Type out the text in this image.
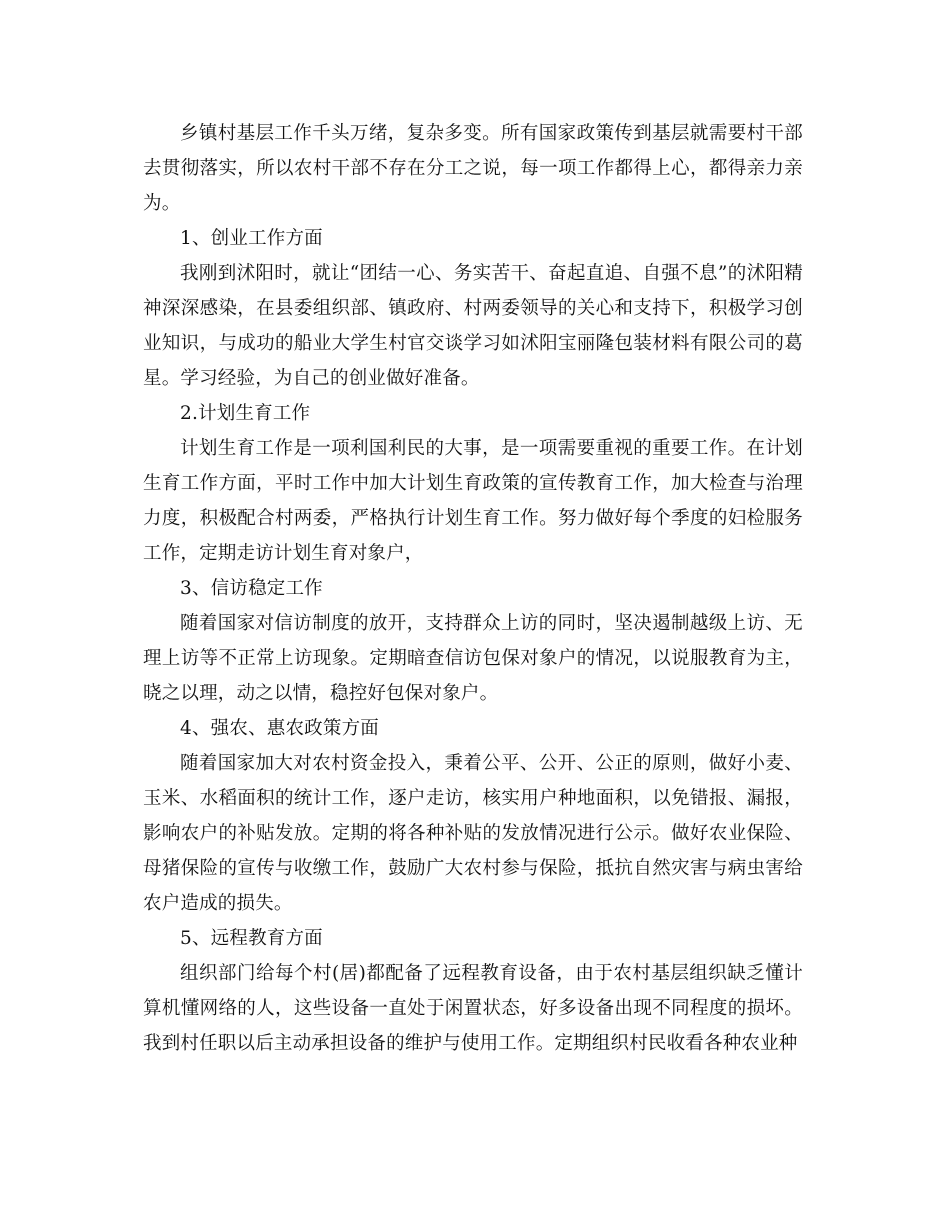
乡镇村基层工作千头万绪，复杂多变。所有国家政策传到基层就需要村干部去贯彻落实，所以农村干部不存在分工之说，每一项工作都得上心，都得亲力亲为。

1、创业工作方面

我刚到沭阳时，就让“团结一心、务实苦干、奋起直追、自强不息”的沭阳精神深深感染，在县委组织部、镇政府、村两委领导的关心和支持下，积极学习创业知识，与成功的船业大学生村官交谈学习如沭阳宝丽隆包装材料有限公司的葛星。学习经验，为自己的创业做好准备。

2.计划生育工作

计划生育工作是一项利国利民的大事，是一项需要重视的重要工作。在计划生育工作方面，平时工作中加大计划生育政策的宣传教育工作，加大检查与治理力度，积极配合村两委，严格执行计划生育工作。努力做好每个季度的妇检服务工作，定期走访计划生育对象户，

3、信访稳定工作

随着国家对信访制度的放开，支持群众上访的同时，坚决遏制越级上访、无理上访等不正常上访现象。定期暗查信访包保对象户的情况，以说服教育为主，晓之以理，动之以情，稳控好包保对象户。

4、强农、惠农政策方面

随着国家加大对农村资金投入，秉着公平、公开、公正的原则，做好小麦、玉米、水稻面积的统计工作，逐户走访，核实用户种地面积，以免错报、漏报，影响农户的补贴发放。定期的将各种补贴的发放情况进行公示。做好农业保险、母猪保险的宣传与收缴工作，鼓励广大农村参与保险，抵抗自然灾害与病虫害给农户造成的损失。

5、远程教育方面

组织部门给每个村(居)都配备了远程教育设备，由于农村基层组织缺乏懂计算机懂网络的人，这些设备一直处于闲置状态，好多设备出现不同程度的损坏。我到村任职以后主动承担设备的维护与使用工作。定期组织村民收看各种农业种
